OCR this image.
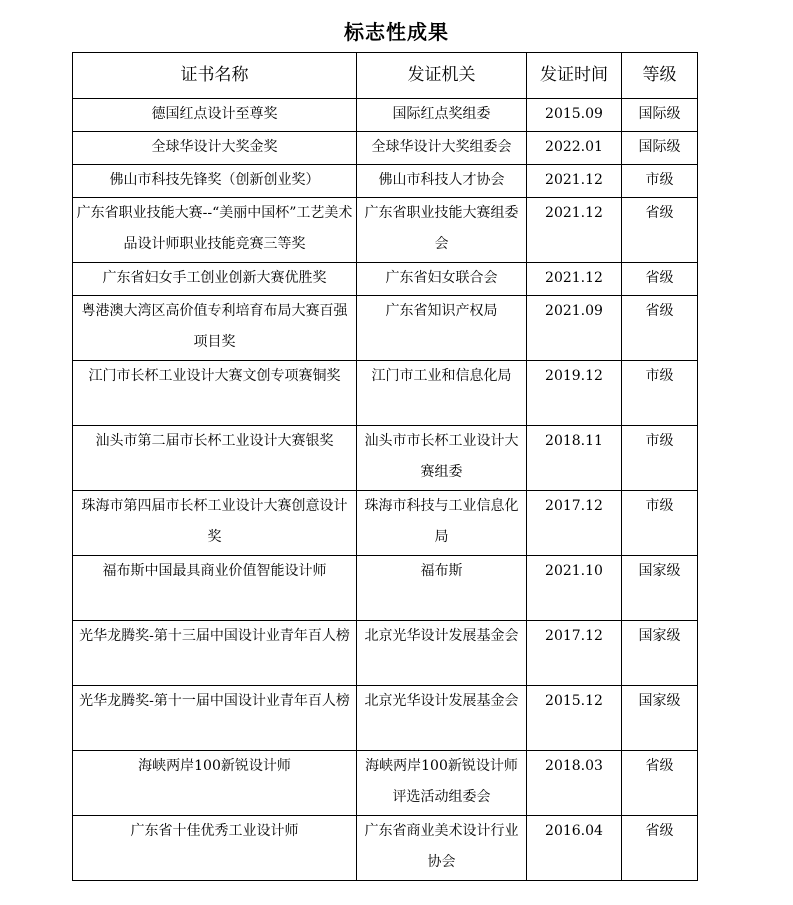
标志性成果
证书名称	发证机关	发证时间	等级
德国红点设计至尊奖	国际红点奖组委	2015.09	国际级
全球华设计大奖金奖	全球华设计大奖组委会	2022.01	国际级
佛山市科技先锋奖（创新创业奖）	佛山市科技人才协会	2021.12	市级
广东省职业技能大赛--“美丽中国杯”工艺美术品设计师职业技能竞赛三等奖	广东省职业技能大赛组委会	2021.12	省级
广东省妇女手工创业创新大赛优胜奖	广东省妇女联合会	2021.12	省级
粤港澳大湾区高价值专利培育布局大赛百强项目奖	广东省知识产权局	2021.09	省级
江门市长杯工业设计大赛文创专项赛铜奖	江门市工业和信息化局	2019.12	市级
汕头市第二届市长杯工业设计大赛银奖	汕头市市长杯工业设计大赛组委	2018.11	市级
珠海市第四届市长杯工业设计大赛创意设计奖	珠海市科技与工业信息化局	2017.12	市级
福布斯中国最具商业价值智能设计师	福布斯	2021.10	国家级
光华龙腾奖-第十三届中国设计业青年百人榜	北京光华设计发展基金会	2017.12	国家级
光华龙腾奖-第十一届中国设计业青年百人榜	北京光华设计发展基金会	2015.12	国家级
海峡两岸100新锐设计师	海峡两岸100新锐设计师评选活动组委会	2018.03	省级
广东省十佳优秀工业设计师	广东省商业美术设计行业协会	2016.04	省级
